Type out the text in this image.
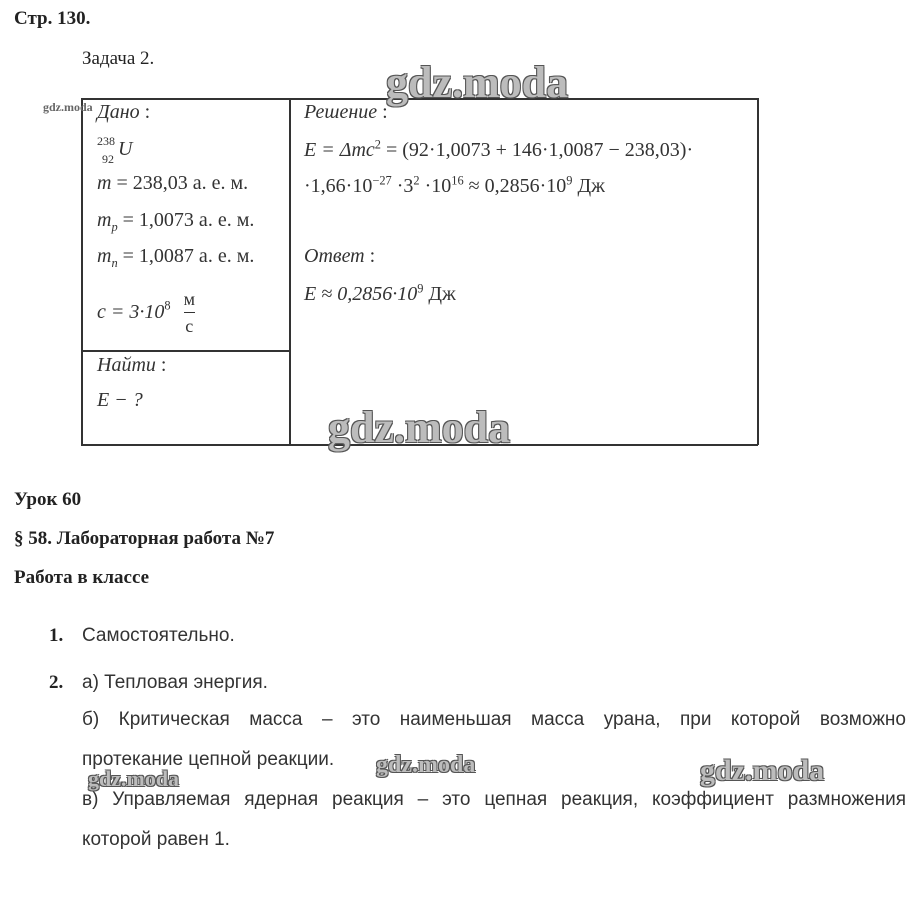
Стр. 130.
Задача 2.
Дано :
238
92 U
m = 238,03 а. е. м.
$m_p = 1,0073$ а. е. м.
$m_n = 1,0087$ а. е. м.
$c = 3\cdot 10^8 \frac{м}{с}$
Найти :
E − ?
Решение :
E = Δmc$^2$ = (92·1,0073 + 146·1,0087 − 238,03)·
$\cdot 1,66\cdot 10^{-27} \cdot 3^2 \cdot 10^{16} \approx 0,2856\cdot 10^9$ Дж
Ответ :
$E \approx 0,2856\cdot 10^9$ Дж
Урок 60
§ 58. Лабораторная работа №7
Работа в классе
1. Самостоятельно.
2. а) Тепловая энергия.
б) Критическая масса – это наименьшая масса урана, при которой возможно
протекание цепной реакции.
в) Управляемая ядерная реакция – это цепная реакция, коэффициент размножения
которой равен 1.
gdz.moda	gdz.moda
gdz.moda
gdz.moda
gdz.moda	gdz.moda
